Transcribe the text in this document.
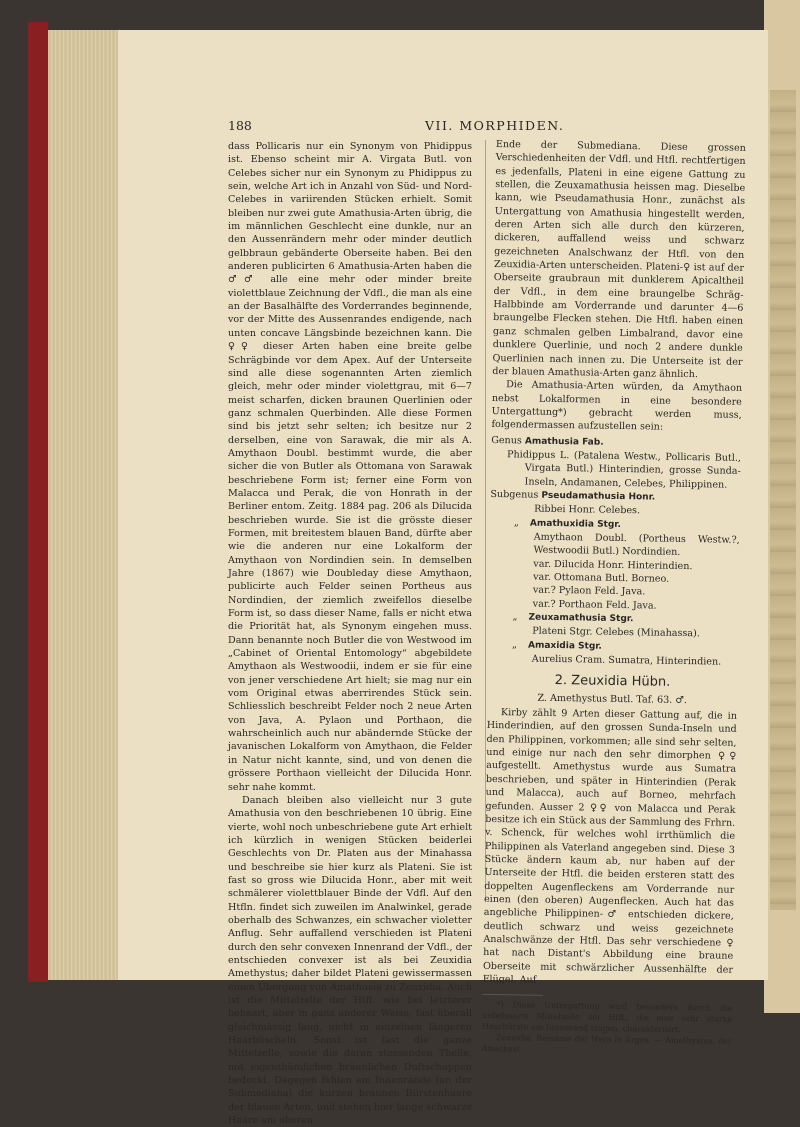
188	VII. MORPHIDEN.

dass Pollicaris nur ein Synonym von Phidippus ist. Ebenso scheint mir A. Virgata Butl. von Celebes sicher nur ein Synonym zu Phidippus zu sein, welche Art ich in Anzahl von Süd- und Nord-Celebes in variirenden Stücken erhielt. Somit bleiben nur zwei gute Amathusia-Arten übrig, die im männlichen Geschlecht eine dunkle, nur an den Aussenrändern mehr oder minder deutlich gelbbraun gebänderte Oberseite haben. Bei den anderen publicirten 6 Amathusia-Arten haben die ♂♂ alle eine mehr oder minder breite violettblaue Zeichnung der Vdfl., die man als eine an der Basalhälfte des Vorderrandes beginnende, vor der Mitte des Aussenrandes endigende, nach unten concave Längsbinde bezeichnen kann. Die ♀♀ dieser Arten haben eine breite gelbe Schrägbinde vor dem Apex. Auf der Unterseite sind alle diese sogenannten Arten ziemlich gleich, mehr oder minder violettgrau, mit 6—7 meist scharfen, dicken braunen Querlinien oder ganz schmalen Querbinden. Alle diese Formen sind bis jetzt sehr selten; ich besitze nur 2 derselben, eine von Sarawak, die mir als A. Amythaon Doubl. bestimmt wurde, die aber sicher die von Butler als Ottomana von Sarawak beschriebene Form ist; ferner eine Form von Malacca und Perak, die von Honrath in der Berliner entom. Zeitg. 1884 pag. 206 als Dilucida beschrieben wurde. Sie ist die grösste dieser Formen, mit breitestem blauen Band, dürfte aber wie die anderen nur eine Lokalform der Amythaon von Nordindien sein. In demselben Jahre (1867) wie Doubleday diese Amythaon, publicirte auch Felder seinen Portheus aus Nordindien, der ziemlich zweifellos dieselbe Form ist, so dass dieser Name, falls er nicht etwa die Priorität hat, als Synonym eingehen muss. Dann benannte noch Butler die von Westwood im „Cabinet of Oriental Entomology“ abgebildete Amythaon als Westwoodii, indem er sie für eine von jener verschiedene Art hielt; sie mag nur ein vom Original etwas aberrirendes Stück sein. Schliesslich beschreibt Felder noch 2 neue Arten von Java, A. Pylaon und Porthaon, die wahrscheinlich auch nur abändernde Stücke der javanischen Lokalform von Amythaon, die Felder in Natur nicht kannte, sind, und von denen die grössere Porthaon vielleicht der Dilucida Honr. sehr nahe kommt.

Danach bleiben also vielleicht nur 3 gute Amathusia von den beschriebenen 10 übrig. Eine vierte, wohl noch unbeschriebene gute Art erhielt ich kürzlich in wenigen Stücken beiderlei Geschlechts von Dr. Platen aus der Minahassa und beschreibe sie hier kurz als Plateni. Sie ist fast so gross wie Dilucida Honr., aber mit weit schmälerer violettblauer Binde der Vdfl. Auf den Htfln. findet sich zuweilen im Analwinkel, gerade oberhalb des Schwanzes, ein schwacher violetter Anflug. Sehr auffallend verschieden ist Plateni durch den sehr convexen Innenrand der Vdfl., der entschieden convexer ist als bei Zeuxidia Amethystus; daher bildet Plateni gewissermassen einen Übergang von Amathusia zu Zeuxidia. Auch ist die Mittelzelle der Htfl. wie bei letzterer behaart, aber in ganz anderer Weise, fast überall gleichmässig lang, nicht in einzelnen längeren Haarbüscheln. Sonst ist fast die ganze Mittelzelle, sowie die daran stossenden Theile, mit eigenthümlichen bräunlichen Duftschuppen bedeckt. Dagegen fehlen am Innenrande (an der Submediana) die kurzen braunen Bürstenhaare der blauen Arten, und stehen hier lange schwarze Haare am oberen

Ende der Submediana. Diese grossen Verschiedenheiten der Vdfl. und Htfl. rechtfertigen es jedenfalls, Plateni in eine eigene Gattung zu stellen, die Zeuxamathusia heissen mag. Dieselbe kann, wie Pseudamathusia Honr., zunächst als Untergattung von Amathusia hingestellt werden, deren Arten sich alle durch den kürzeren, dickeren, auffallend weiss und schwarz gezeichneten Analschwanz der Htfl. von den Zeuxidia-Arten unterscheiden. Plateni-♀ ist auf der Oberseite graubraun mit dunklerem Apicaltheil der Vdfl., in dem eine braungelbe Schräg-Halbbinde am Vorderrande und darunter 4—6 braungelbe Flecken stehen. Die Htfl. haben einen ganz schmalen gelben Limbalrand, davor eine dunklere Querlinie, und noch 2 andere dunkle Querlinien nach innen zu. Die Unterseite ist der der blauen Amathusia-Arten ganz ähnlich.

Die Amathusia-Arten würden, da Amythaon nebst Lokalformen in eine besondere Untergattung*) gebracht werden muss, folgendermassen aufzustellen sein:

Genus Amathusia Fab.
Phidippus L. (Patalena Westw., Pollicaris Butl., Virgata Butl.) Hinterindien, grosse Sunda-Inseln, Andamanen, Celebes, Philippinen.
Subgenus Pseudamathusia Honr.
Ribbei Honr. Celebes.
„ Amathuxidia Stgr.
Amythaon Doubl. (Portheus Westw.?, Westwoodii Butl.) Nordindien.
var. Dilucida Honr. Hinterindien.
var. Ottomana Butl. Borneo.
var.? Pylaon Feld. Java.
var.? Porthaon Feld. Java.
„ Zeuxamathusia Stgr.
Plateni Stgr. Celebes (Minahassa).
„ Amaxidia Stgr.
Aurelius Cram. Sumatra, Hinterindien.
2. Zeuxidia Hübn.
Z. Amethystus Butl. Taf. 63. ♂.

Kirby zählt 9 Arten dieser Gattung auf, die in Hinderindien, auf den grossen Sunda-Inseln und den Philippinen, vorkommen; alle sind sehr selten, und einige nur nach den sehr dimorphen ♀♀ aufgestellt. Amethystus wurde aus Sumatra beschrieben, und später in Hinterindien (Perak und Malacca), auch auf Borneo, mehrfach gefunden. Ausser 2 ♀♀ von Malacca und Perak besitze ich ein Stück aus der Sammlung des Frhrn. v. Schenck, für welches wohl irrthümlich die Philippinen als Vaterland angegeben sind. Diese 3 Stücke ändern kaum ab, nur haben auf der Unterseite der Htfl. die beiden ersteren statt des doppelten Augenfleckens am Vorderrande nur einen (den oberen) Augenflecken. Auch hat das angebliche Philippinen-♂ entschieden dickere, deutlich schwarz und weiss gezeichnete Analschwänze der Htfl. Das sehr verschiedene ♀ hat nach Distant's Abbildung eine braune Oberseite mit schwärzlicher Aussenhälfte der Flügel. Auf

*) Diese Untergattung wird besonders durch die unbehaarte Mittelzelle der Htfl., die eine sehr starke Haarbürste am Innenrand tragen, charakterisirt.

Zeuxidia, Beiname der Hera in Argos. — Amethystus, der Amethyst.
